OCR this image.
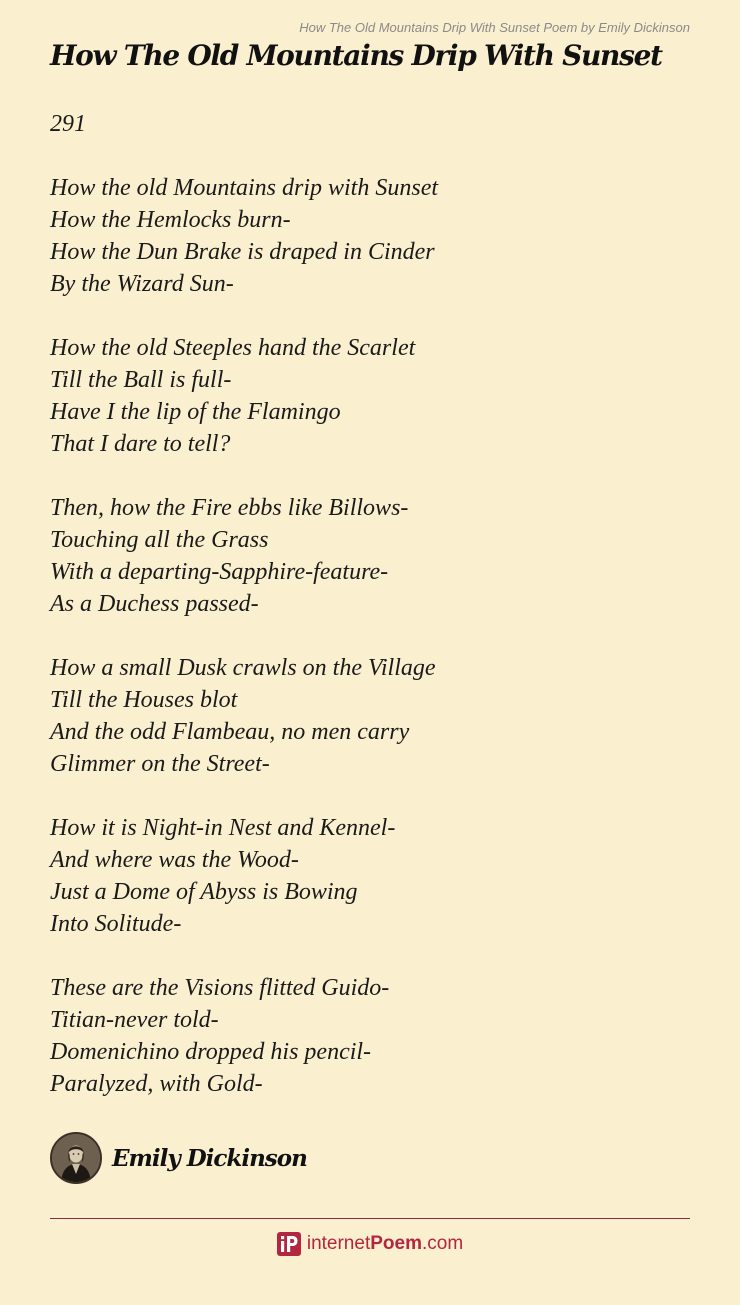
How The Old Mountains Drip With Sunset Poem by Emily Dickinson
How The Old Mountains Drip With Sunset
291
How the old Mountains drip with Sunset
How the Hemlocks burn-
How the Dun Brake is draped in Cinder
By the Wizard Sun-
How the old Steeples hand the Scarlet
Till the Ball is full-
Have I the lip of the Flamingo
That I dare to tell?
Then, how the Fire ebbs like Billows-
Touching all the Grass
With a departing-Sapphire-feature-
As a Duchess passed-
How a small Dusk crawls on the Village
Till the Houses blot
And the odd Flambeau, no men carry
Glimmer on the Street-
How it is Night-in Nest and Kennel-
And where was the Wood-
Just a Dome of Abyss is Bowing
Into Solitude-
These are the Visions flitted Guido-
Titian-never told-
Domenichino dropped his pencil-
Paralyzed, with Gold-
Emily Dickinson
internet Poem .com
